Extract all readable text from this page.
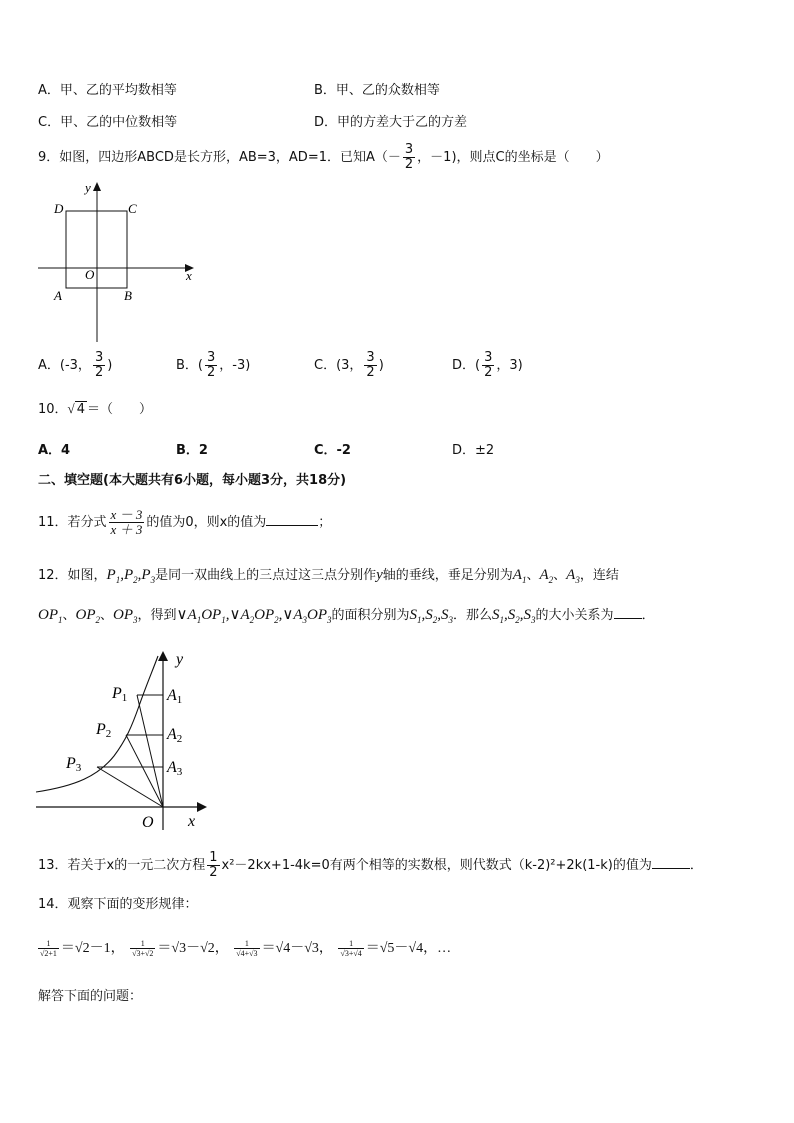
A．甲、乙的平均数相等	B．甲、乙的众数相等
C．甲、乙的中位数相等	D．甲的方差大于乙的方差
9．如图，四边形ABCD是长方形，AB=3，AD=1．已知$A(- \frac{3}{2}$ ，－1)，则点C的坐标是（　　）
y
x
O
A	B
C
D
A．(-3， $\frac{3}{2}$ )	B．( $\frac{3}{2}$ ，-3)	C．(3， $\frac{3}{2}$ )	D．( $\frac{3}{2}$ ，3)
10．√ 4 ＝（　　）
A．4	B．2	C．-2	D．±2
二、填空题(本大题共有6小题，每小题3分，共18分)
11．若分式 $\frac{x - 3}{x + 3}$ 的值为0，则x的值为	；
12．如图，$P_1,P_2,P_3$是同一双曲线上的三点过这三点分别作y轴的垂线，垂足分别为$A_1$、$A_2$、$A_3$，连结
$OP_1$、$OP_2$、$OP_3$，得到$\vee A_1OP_1,\vee A_2OP_2,\vee A_3OP_3$的面积分别为$S_1,S_2,S_3$．那么$S_1,S_2,S_3$的大小关系为 ．
y
x
O
P1
P2
P3
A1
A2
A3
13．若关于x的一元二次方程 $\frac{1}{2} x^2-2kx+1-4k=0$有两个相等的实数根，则代数式（k-2)²+2k(1-k)的值为	．
14．观察下面的变形规律：
$\frac{1}{√2+1} =√2-1$， $\frac{1}{√3+√2} =√3-√2$， $\frac{1}{√4+√3} =√4-√3$， $\frac{1}{√3+√4} =√5-√4$，…
解答下面的问题：
